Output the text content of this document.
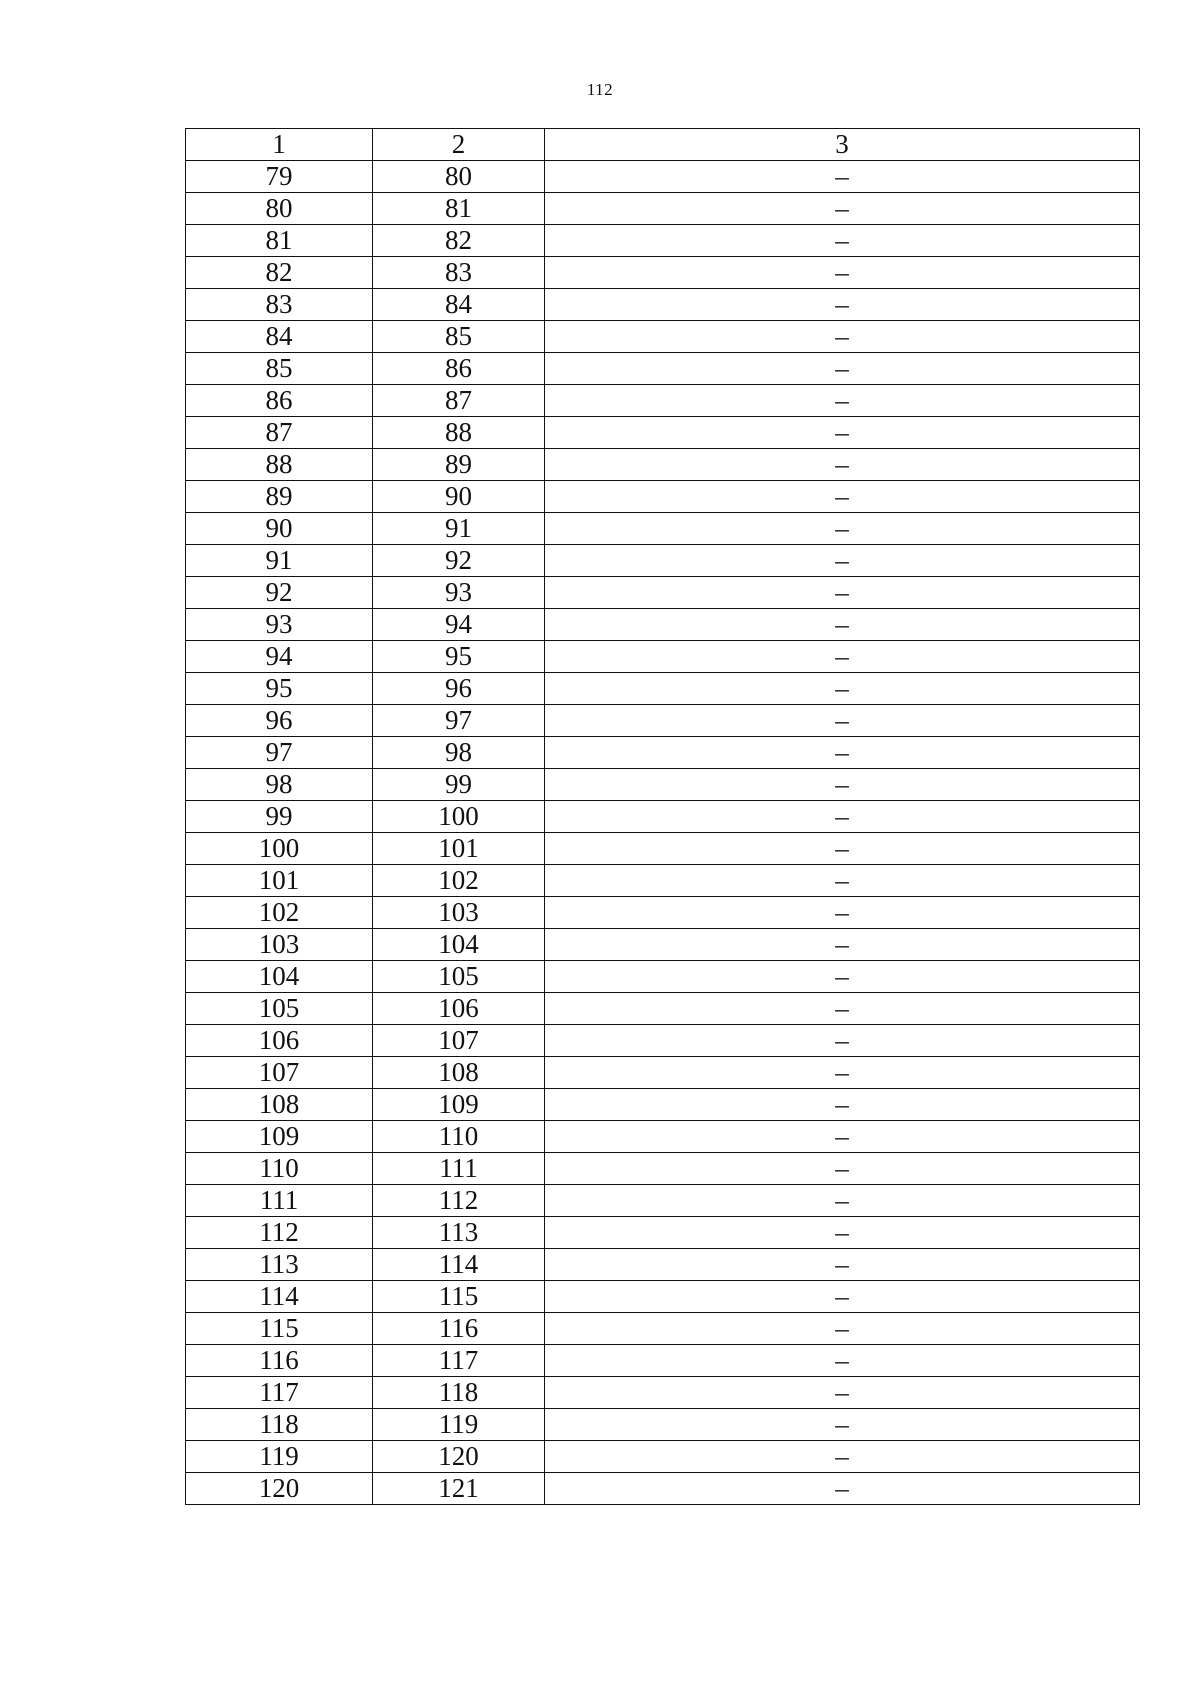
112
1	2	3
79	80	–
80	81	–
81	82	–
82	83	–
83	84	–
84	85	–
85	86	–
86	87	–
87	88	–
88	89	–
89	90	–
90	91	–
91	92	–
92	93	–
93	94	–
94	95	–
95	96	–
96	97	–
97	98	–
98	99	–
99	100	–
100	101	–
101	102	–
102	103	–
103	104	–
104	105	–
105	106	–
106	107	–
107	108	–
108	109	–
109	110	–
110	111	–
111	112	–
112	113	–
113	114	–
114	115	–
115	116	–
116	117	–
117	118	–
118	119	–
119	120	–
120	121	–
